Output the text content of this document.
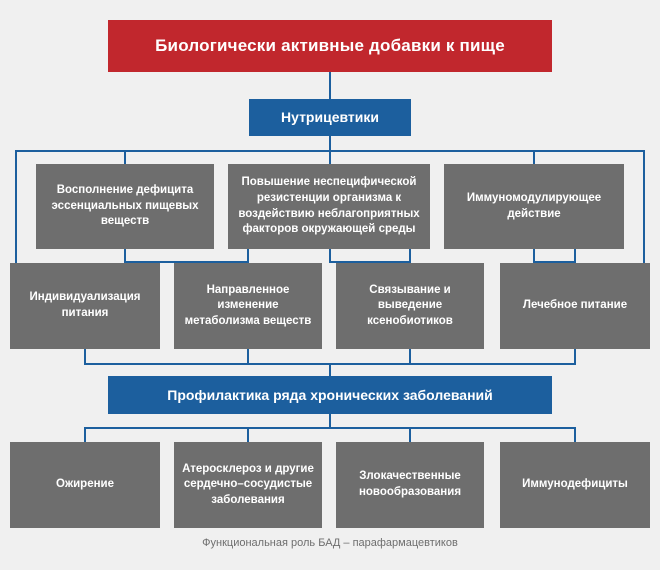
Биологически активные добавки к пище
Нутрицевтики
Восполнение дефицита эссенциальных пищевых веществ
Повышение неспецифической резистенции организма к воздействию неблагоприятных факторов окружающей среды
Иммуномодулирующее действие
Индивидуализация питания
Направленное изменение метаболизма веществ
Связывание и выведение ксенобиотиков
Лечебное питание
Профилактика ряда хронических заболеваний
Ожирение
Атеросклероз и другие сердечно–сосудистые заболевания
Злокачественные новообразования
Иммунодефициты
Функциональная роль БАД – парафармацевтиков
